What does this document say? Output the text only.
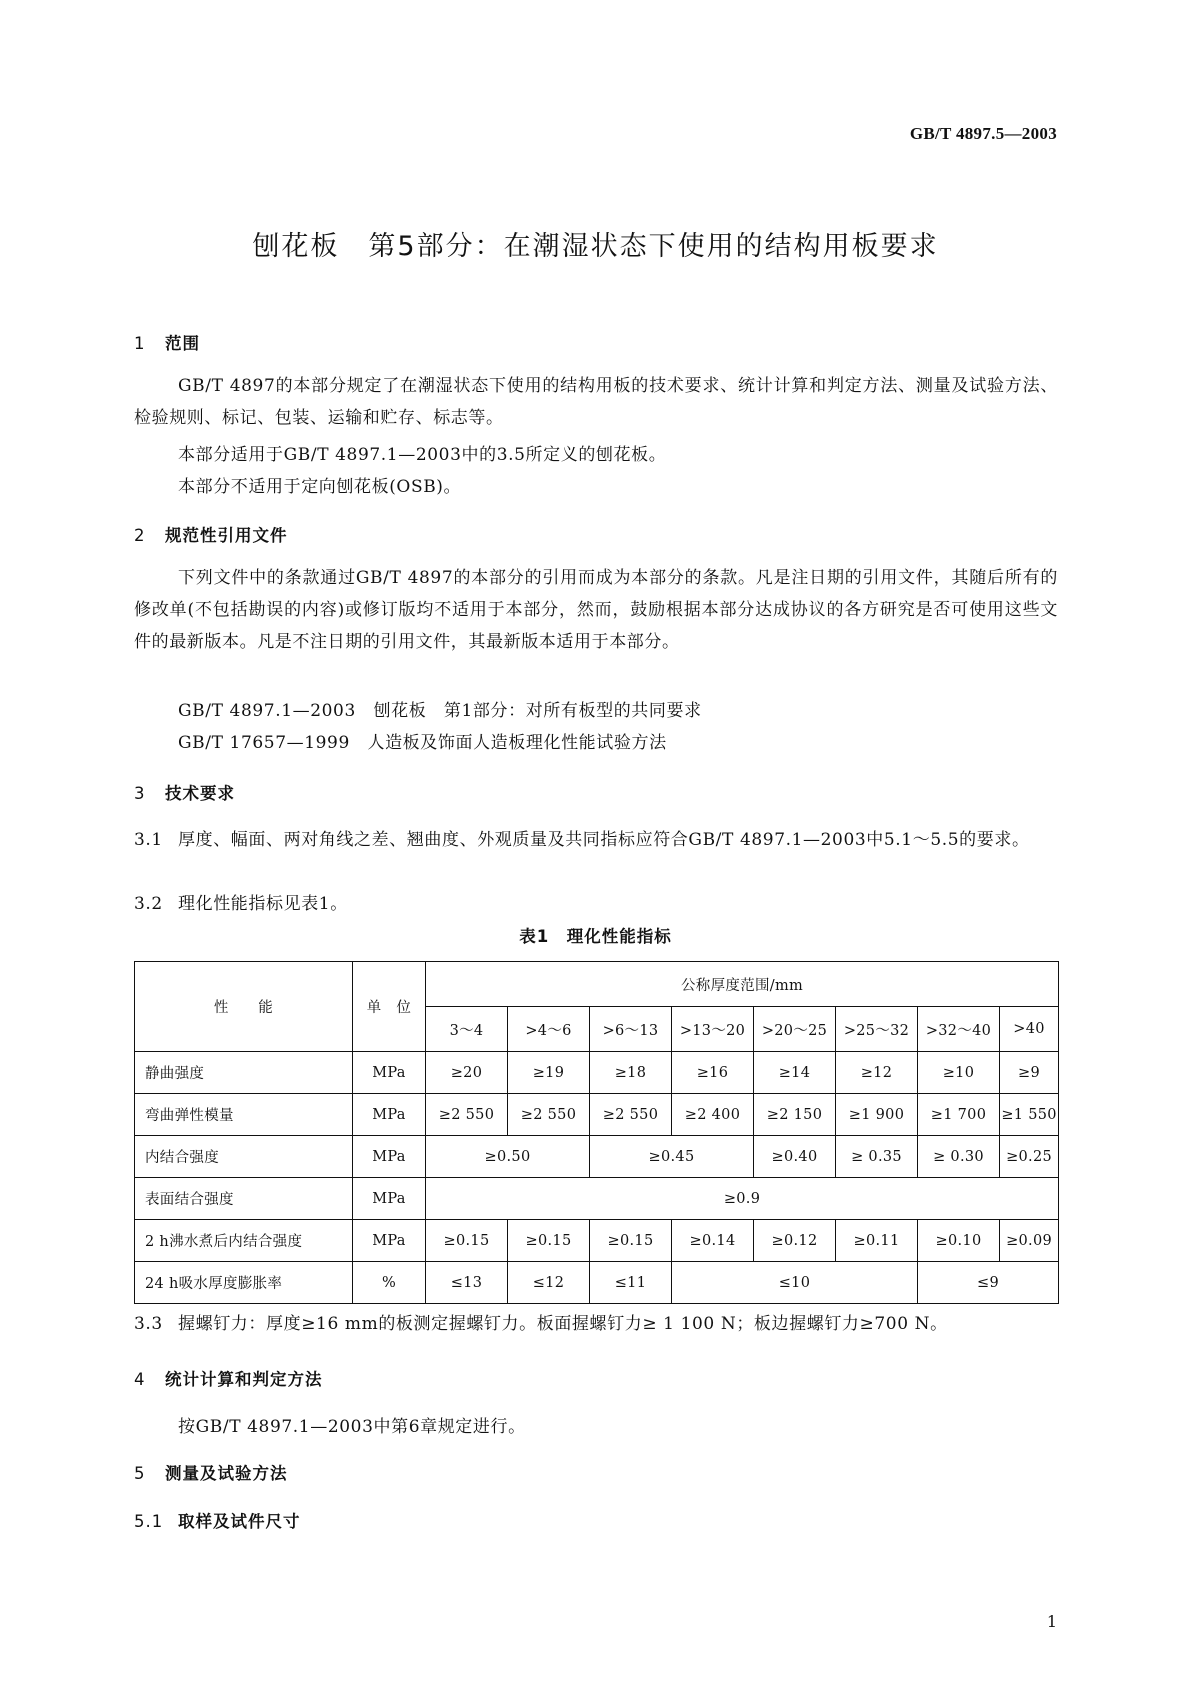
GB/T 4897.5—2003
刨花板　第5部分：在潮湿状态下使用的结构用板要求
1 范围
GB/T 4897的本部分规定了在潮湿状态下使用的结构用板的技术要求、统计计算和判定方法、测量及试验方法、检验规则、标记、包装、运输和贮存、标志等。
本部分适用于GB/T 4897.1—2003中的3.5所定义的刨花板。
本部分不适用于定向刨花板(OSB)。
2 规范性引用文件
下列文件中的条款通过GB/T 4897的本部分的引用而成为本部分的条款。凡是注日期的引用文件，其随后所有的修改单(不包括勘误的内容)或修订版均不适用于本部分，然而，鼓励根据本部分达成协议的各方研究是否可使用这些文件的最新版本。凡是不注日期的引用文件，其最新版本适用于本部分。
GB/T 4897.1—2003　刨花板　第1部分：对所有板型的共同要求
GB/T 17657—1999　人造板及饰面人造板理化性能试验方法
3 技术要求
3.1 厚度、幅面、两对角线之差、翘曲度、外观质量及共同指标应符合GB/T 4897.1—2003中5.1～5.5的要求。
3.2 理化性能指标见表1。
表1　理化性能指标
性　　能	单　位	公称厚度范围/mm							
		3～4	>4～6	>6～13	>13～20	>20～25	>25～32	>32～40	>40
静曲强度	MPa	≥20	≥19	≥18	≥16	≥14	≥12	≥10	≥9
弯曲弹性模量	MPa	≥2 550	≥2 550	≥2 550	≥2 400	≥2 150	≥1 900	≥1 700	≥1 550
内结合强度	MPa	≥0.50		≥0.45		≥0.40	≥ 0.35	≥ 0.30	≥0.25
表面结合强度	MPa	≥0.9							
2 h沸水煮后内结合强度	MPa	≥0.15	≥0.15	≥0.15	≥0.14	≥0.12	≥0.11	≥0.10	≥0.09
24 h吸水厚度膨胀率	%	≤13	≤12	≤11	≤10			≤9	
3.3 握螺钉力：厚度≥16 mm的板测定握螺钉力。板面握螺钉力≥ 1 100 N；板边握螺钉力≥700 N。
4 统计计算和判定方法
按GB/T 4897.1—2003中第6章规定进行。
5 测量及试验方法
5.1 取样及试件尺寸
1
